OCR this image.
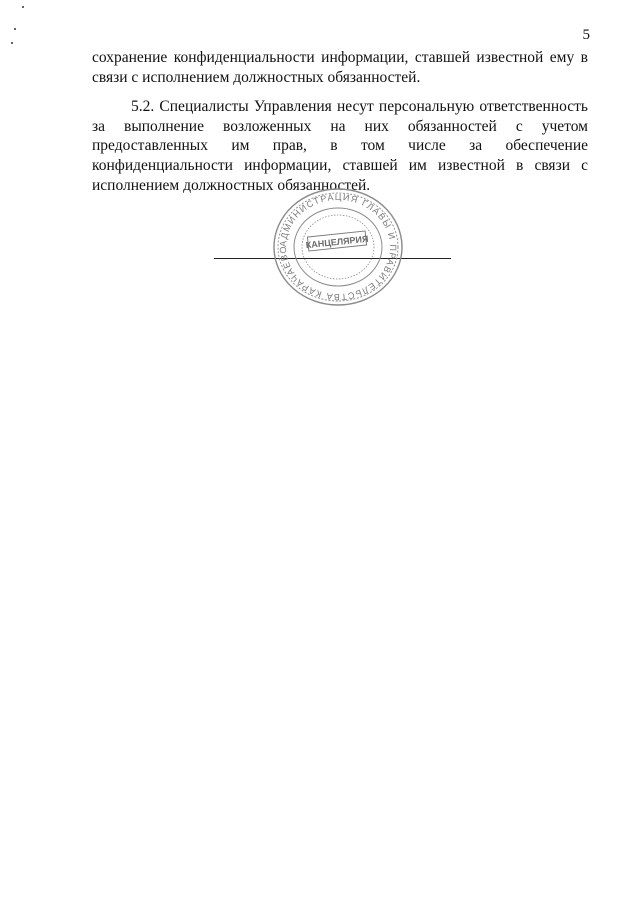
5

сохранение конфиденциальности информации, ставшей известной ему в связи с исполнением должностных обязанностей.

5.2. Специалисты Управления несут персональную ответственность за выполнение возложенных на них обязанностей с учетом предоставленных им прав, в том числе за обеспечение конфиденциальности информации, ставшей им известной в связи с исполнением должностных обязанностей.

АДМИНИСТРАЦИЯ ГЛАВЫ И ПРАВИТЕЛЬСТВА КАРАЧАЕВО	КАНЦЕЛЯРИЯ
